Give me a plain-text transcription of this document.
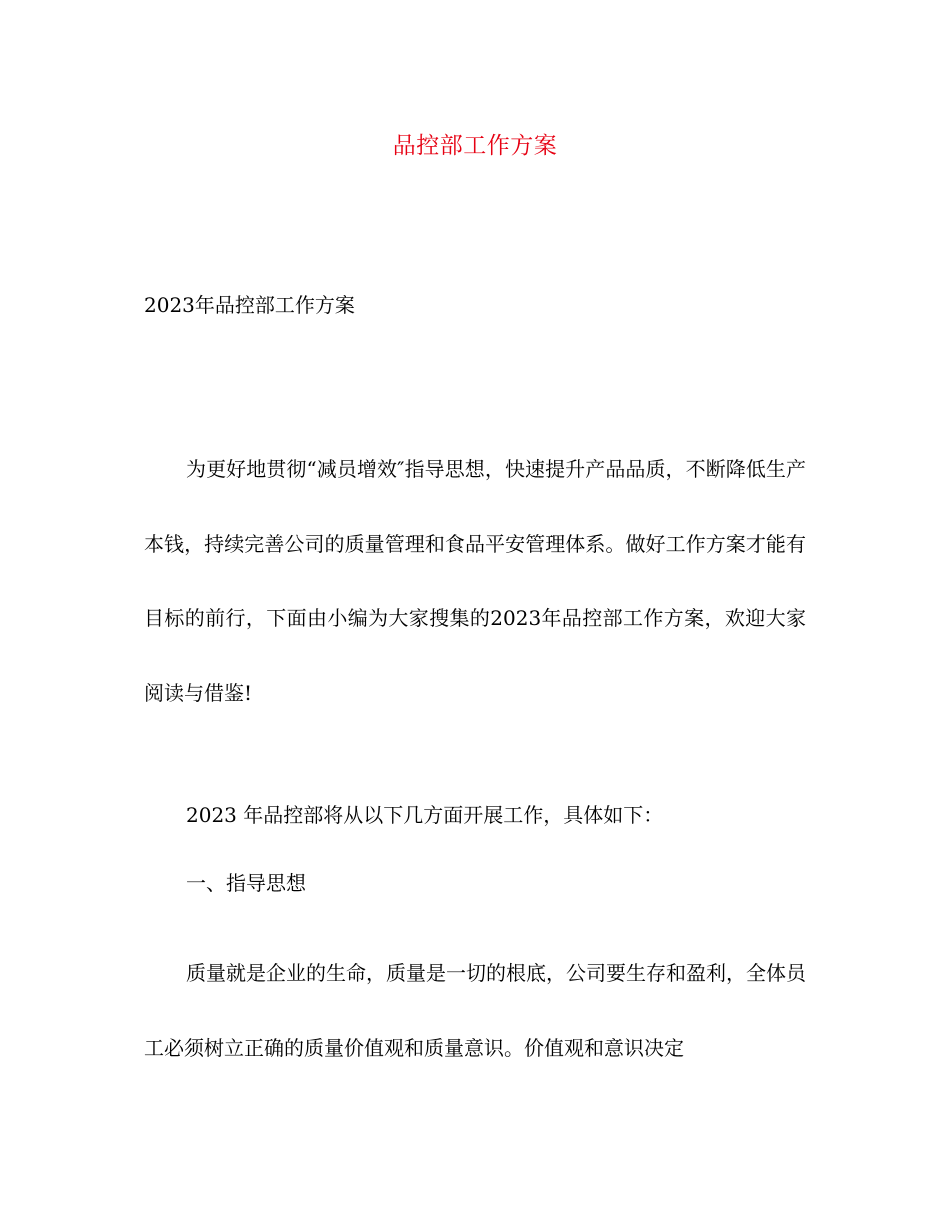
品控部工作方案
2023年品控部工作方案

为更好地贯彻“减员增效″指导思想，快速提升产品品质，不断降低生产本钱，持续完善公司的质量管理和食品平安管理体系。做好工作方案才能有目标的前行，下面由小编为大家搜集的2023年品控部工作方案，欢迎大家阅读与借鉴!

2023 年品控部将从以下几方面开展工作，具体如下：
一、指导思想

质量就是企业的生命，质量是一切的根底，公司要生存和盈利，全体员工必须树立正确的质量价值观和质量意识。价值观和意识决定
